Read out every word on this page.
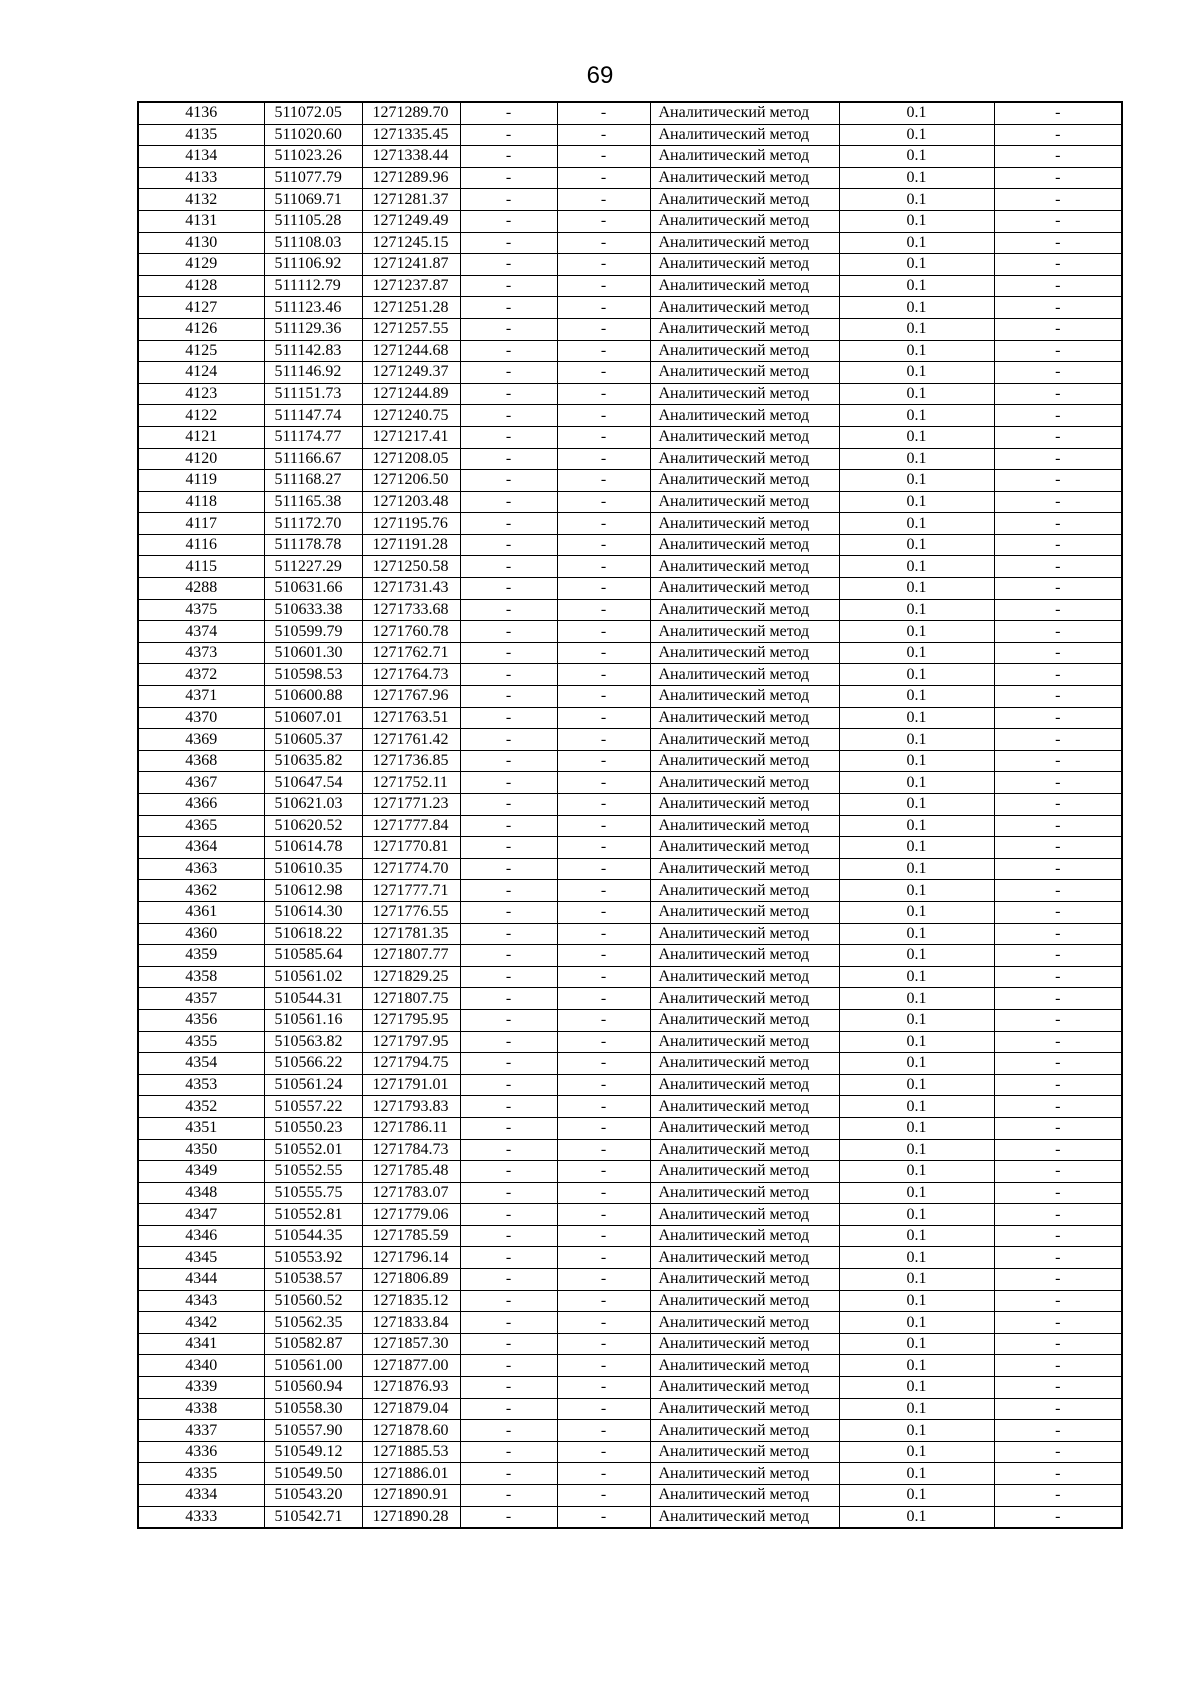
69
4136	511072.05	1271289.70	-	-	Аналитический метод	0.1	-
4135	511020.60	1271335.45	-	-	Аналитический метод	0.1	-
4134	511023.26	1271338.44	-	-	Аналитический метод	0.1	-
4133	511077.79	1271289.96	-	-	Аналитический метод	0.1	-
4132	511069.71	1271281.37	-	-	Аналитический метод	0.1	-
4131	511105.28	1271249.49	-	-	Аналитический метод	0.1	-
4130	511108.03	1271245.15	-	-	Аналитический метод	0.1	-
4129	511106.92	1271241.87	-	-	Аналитический метод	0.1	-
4128	511112.79	1271237.87	-	-	Аналитический метод	0.1	-
4127	511123.46	1271251.28	-	-	Аналитический метод	0.1	-
4126	511129.36	1271257.55	-	-	Аналитический метод	0.1	-
4125	511142.83	1271244.68	-	-	Аналитический метод	0.1	-
4124	511146.92	1271249.37	-	-	Аналитический метод	0.1	-
4123	511151.73	1271244.89	-	-	Аналитический метод	0.1	-
4122	511147.74	1271240.75	-	-	Аналитический метод	0.1	-
4121	511174.77	1271217.41	-	-	Аналитический метод	0.1	-
4120	511166.67	1271208.05	-	-	Аналитический метод	0.1	-
4119	511168.27	1271206.50	-	-	Аналитический метод	0.1	-
4118	511165.38	1271203.48	-	-	Аналитический метод	0.1	-
4117	511172.70	1271195.76	-	-	Аналитический метод	0.1	-
4116	511178.78	1271191.28	-	-	Аналитический метод	0.1	-
4115	511227.29	1271250.58	-	-	Аналитический метод	0.1	-
4288	510631.66	1271731.43	-	-	Аналитический метод	0.1	-
4375	510633.38	1271733.68	-	-	Аналитический метод	0.1	-
4374	510599.79	1271760.78	-	-	Аналитический метод	0.1	-
4373	510601.30	1271762.71	-	-	Аналитический метод	0.1	-
4372	510598.53	1271764.73	-	-	Аналитический метод	0.1	-
4371	510600.88	1271767.96	-	-	Аналитический метод	0.1	-
4370	510607.01	1271763.51	-	-	Аналитический метод	0.1	-
4369	510605.37	1271761.42	-	-	Аналитический метод	0.1	-
4368	510635.82	1271736.85	-	-	Аналитический метод	0.1	-
4367	510647.54	1271752.11	-	-	Аналитический метод	0.1	-
4366	510621.03	1271771.23	-	-	Аналитический метод	0.1	-
4365	510620.52	1271777.84	-	-	Аналитический метод	0.1	-
4364	510614.78	1271770.81	-	-	Аналитический метод	0.1	-
4363	510610.35	1271774.70	-	-	Аналитический метод	0.1	-
4362	510612.98	1271777.71	-	-	Аналитический метод	0.1	-
4361	510614.30	1271776.55	-	-	Аналитический метод	0.1	-
4360	510618.22	1271781.35	-	-	Аналитический метод	0.1	-
4359	510585.64	1271807.77	-	-	Аналитический метод	0.1	-
4358	510561.02	1271829.25	-	-	Аналитический метод	0.1	-
4357	510544.31	1271807.75	-	-	Аналитический метод	0.1	-
4356	510561.16	1271795.95	-	-	Аналитический метод	0.1	-
4355	510563.82	1271797.95	-	-	Аналитический метод	0.1	-
4354	510566.22	1271794.75	-	-	Аналитический метод	0.1	-
4353	510561.24	1271791.01	-	-	Аналитический метод	0.1	-
4352	510557.22	1271793.83	-	-	Аналитический метод	0.1	-
4351	510550.23	1271786.11	-	-	Аналитический метод	0.1	-
4350	510552.01	1271784.73	-	-	Аналитический метод	0.1	-
4349	510552.55	1271785.48	-	-	Аналитический метод	0.1	-
4348	510555.75	1271783.07	-	-	Аналитический метод	0.1	-
4347	510552.81	1271779.06	-	-	Аналитический метод	0.1	-
4346	510544.35	1271785.59	-	-	Аналитический метод	0.1	-
4345	510553.92	1271796.14	-	-	Аналитический метод	0.1	-
4344	510538.57	1271806.89	-	-	Аналитический метод	0.1	-
4343	510560.52	1271835.12	-	-	Аналитический метод	0.1	-
4342	510562.35	1271833.84	-	-	Аналитический метод	0.1	-
4341	510582.87	1271857.30	-	-	Аналитический метод	0.1	-
4340	510561.00	1271877.00	-	-	Аналитический метод	0.1	-
4339	510560.94	1271876.93	-	-	Аналитический метод	0.1	-
4338	510558.30	1271879.04	-	-	Аналитический метод	0.1	-
4337	510557.90	1271878.60	-	-	Аналитический метод	0.1	-
4336	510549.12	1271885.53	-	-	Аналитический метод	0.1	-
4335	510549.50	1271886.01	-	-	Аналитический метод	0.1	-
4334	510543.20	1271890.91	-	-	Аналитический метод	0.1	-
4333	510542.71	1271890.28	-	-	Аналитический метод	0.1	-
